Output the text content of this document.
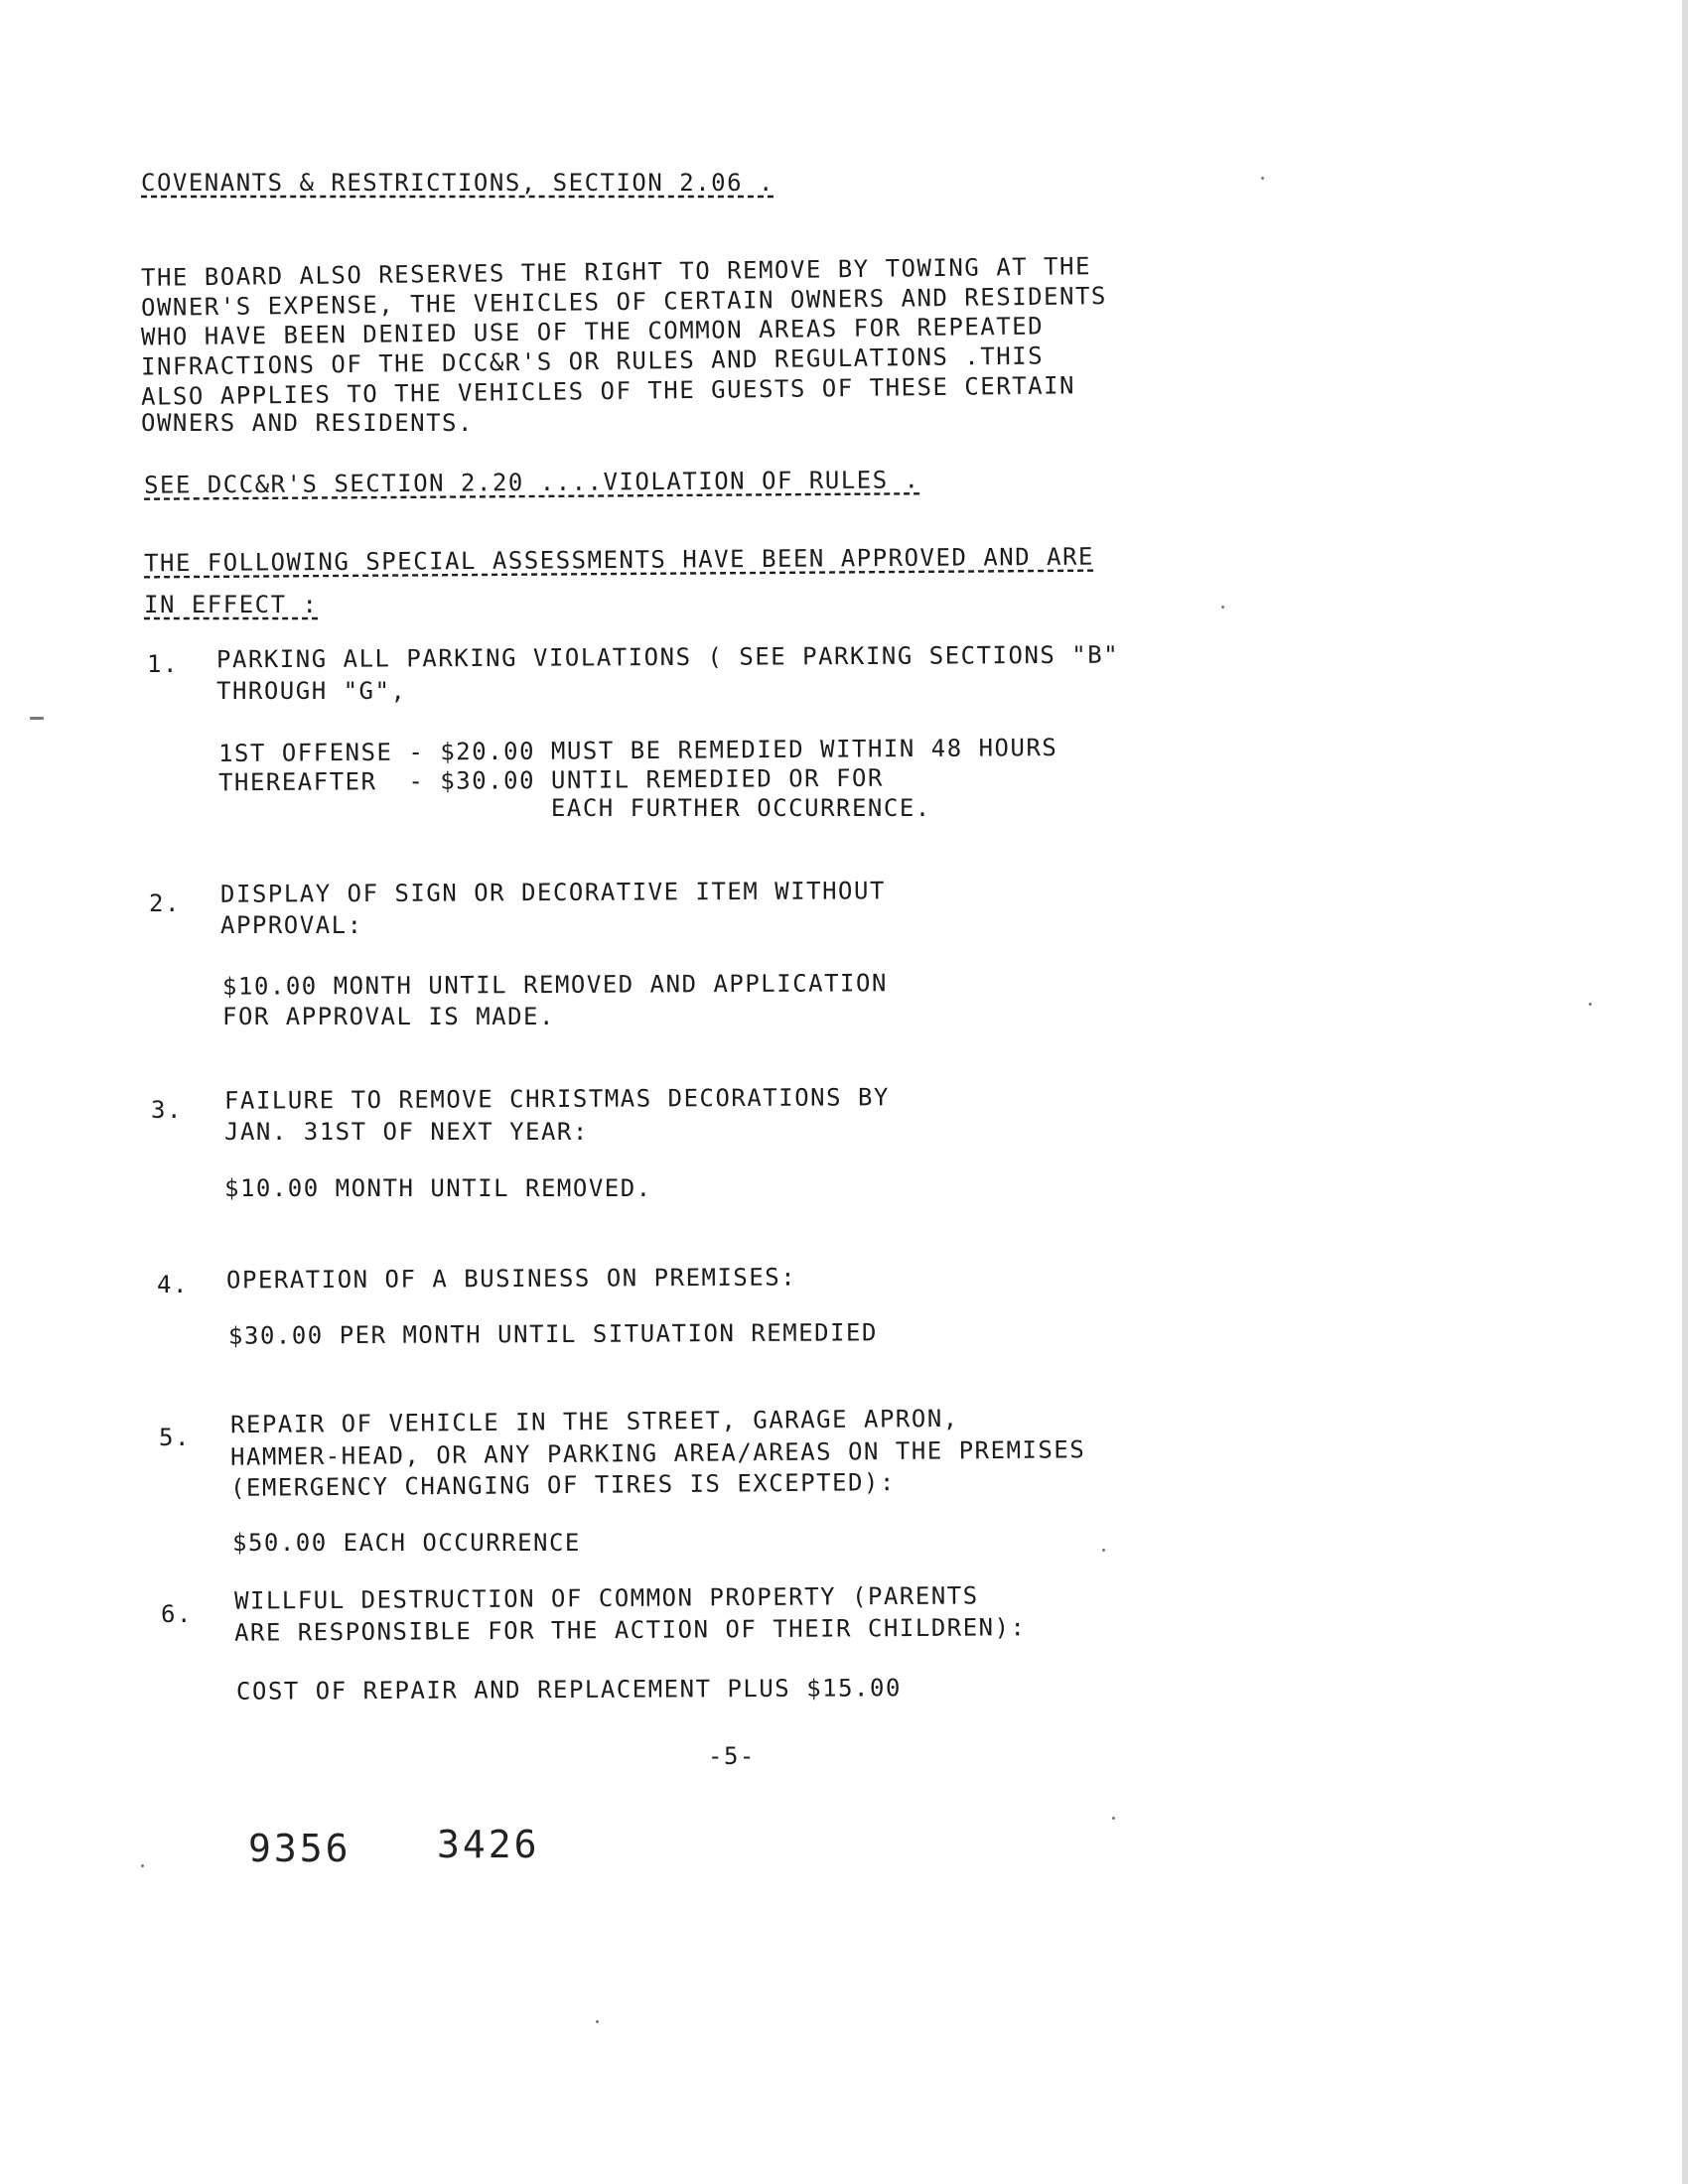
COVENANTS & RESTRICTIONS, SECTION 2.06 .
THE BOARD ALSO RESERVES THE RIGHT TO REMOVE BY TOWING AT THE
OWNER'S EXPENSE, THE VEHICLES OF CERTAIN OWNERS AND RESIDENTS
WHO HAVE BEEN DENIED USE OF THE COMMON AREAS FOR REPEATED
INFRACTIONS OF THE DCC&R'S OR RULES AND REGULATIONS .THIS
ALSO APPLIES TO THE VEHICLES OF THE GUESTS OF THESE CERTAIN
OWNERS AND RESIDENTS.
SEE DCC&R'S SECTION 2.20 ....VIOLATION OF RULES .
THE FOLLOWING SPECIAL ASSESSMENTS HAVE BEEN APPROVED AND ARE
IN EFFECT :
1. PARKING ALL PARKING VIOLATIONS ( SEE PARKING SECTIONS "B"
THROUGH "G",
1ST OFFENSE - $20.00 MUST BE REMEDIED WITHIN 48 HOURS
THEREAFTER  - $30.00 UNTIL REMEDIED OR FOR
EACH FURTHER OCCURRENCE.
2. DISPLAY OF SIGN OR DECORATIVE ITEM WITHOUT
APPROVAL:
$10.00 MONTH UNTIL REMOVED AND APPLICATION
FOR APPROVAL IS MADE.
3. FAILURE TO REMOVE CHRISTMAS DECORATIONS BY
JAN. 31ST OF NEXT YEAR:
$10.00 MONTH UNTIL REMOVED.
4. OPERATION OF A BUSINESS ON PREMISES:
$30.00 PER MONTH UNTIL SITUATION REMEDIED
5. REPAIR OF VEHICLE IN THE STREET, GARAGE APRON,
HAMMER-HEAD, OR ANY PARKING AREA/AREAS ON THE PREMISES
(EMERGENCY CHANGING OF TIRES IS EXCEPTED):
$50.00 EACH OCCURRENCE
6. WILLFUL DESTRUCTION OF COMMON PROPERTY (PARENTS
ARE RESPONSIBLE FOR THE ACTION OF THEIR CHILDREN):
COST OF REPAIR AND REPLACEMENT PLUS $15.00
-5-
9356 3426
